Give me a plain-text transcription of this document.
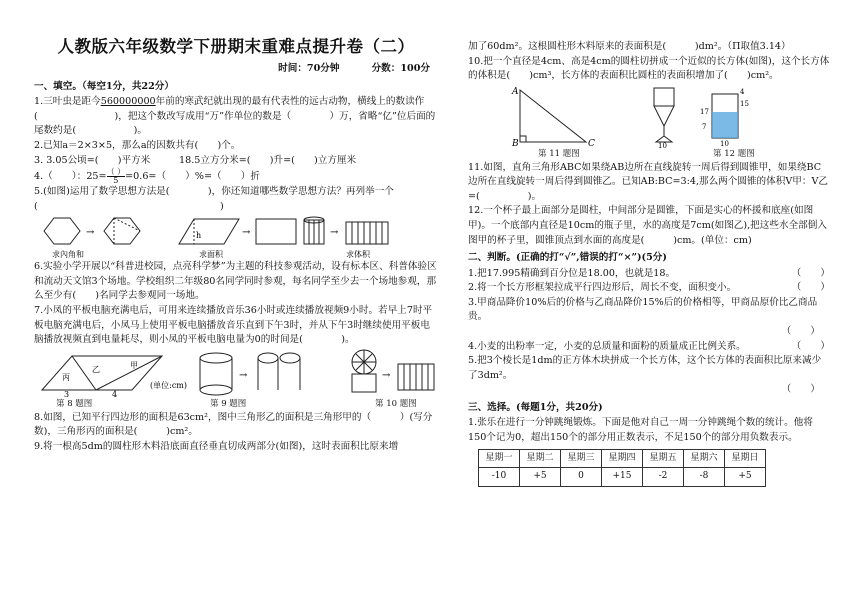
人教版六年级数学下册期末重难点提升卷（二）
时间：70分钟　　　	分数：100分
一、填空。（每空1分，共22分）

1.三叶虫是距今560000000年前的寒武纪就出现的最有代表性的远古动物，横线上的数读作(　　　　　　　　)，把这个数改写成用“万”作单位的数是（　　　　）万，省略“亿”位后面的尾数约是(　　　　　　)。

2.已知a＝2×3×5，那么a的因数共有(　　)个。

3. 3.05公顷=(　　)平方米　　　18.5立方分米=(　　)升=(　　)立方厘米

4.（　　）：25= （ ）
5 =0.6=（　　）%=（　　）折

5.(如图)运用了数学思想方法是(　　　　)，你还知道哪些数学思想方法？再列举一个(　　　　　　　　　　　　　　　　　　　)

→	h	→	→
求內角和	求面积	求体积

6.实验小学开展以“科普进校园，点亮科学梦”为主题的科技参观活动，设有标本区、科普体验区和流动天文馆3个场地。学校组织二年级80名同学同时参观，每名同学至少去一个场地参观，那么至少有(　　)名同学去参观同一场地。

7.小凤的平板电脑充满电后，可用来连续播放音乐36小时或连续播放视频9小时。若早上7时平板电脑充满电后，小凤马上使用平板电脑播放音乐直到下午3时，并从下午3时继续使用平板电脑播放视频直到电量耗尽，则小凤的平板电脑电量为0的时间是(　　　　)。

丙
乙	甲
3	4
(单位:cm)
→	→
第 8 题图	第 9 题图	第 10 题图

8.如图，已知平行四边形的面积是63cm²，图中三角形乙的面积是三角形甲的（　　　）(写分数)，三角形丙的面积是(　　　)cm²。

9.将一根高5dm的圆柱形木料沿底面直径垂直切成两部分(如图)，这时表面积比原来增

加了60dm²。这根圆柱形木料原来的表面积是(　　　)dm²。（Π取值3.14）

10.把一个直径是4cm、高是4cm的圆柱切拼成一个近似的长方体(如图)，这个长方体的体积是(　　)cm³，长方体的表面积比圆柱的表面积增加了(　　)cm²。

A
B	C	10
7
17
15
4
10
第 11 题图	第 12 题图

11.如图，直角三角形ABC如果绕AB边所在直线旋转一周后得到圆锥甲，如果绕BC边所在直线旋转一周后得到圆锥乙。已知AB:BC=3:4,那么两个圆锥的体积V甲：V乙=(　　　　　)。

12.一个杯子最上面部分是圆柱，中间部分是圆锥，下面是实心的杯援和底座(如图甲)。一个底部内直径是10cm的瓶子里，水的高度是7cm(如图乙),把这些水全部倒入图甲的杯子里，圆锥顶点到水面的高度是(　　　)cm。(单位：cm)

二、判断。(正确的打“√”,错误的打“×”)(5分)

1.把17.995精确到百分位是18.00，也就是18。	（　　）

2.将一个长方形框架拉成平行四边形后，周长不变，面积变小。	（　　）

3.甲商品降价10%后的价格与乙商品降价15%后的价格相等，甲商品原价比乙商品贵。

（　　）

4.小麦的出粉率一定，小麦的总质量和面粉的质量成正比例关系。	（　　）

5.把3个棱长是1dm的正方体木块拼成一个长方体，这个长方体的表面积比原来减少了3dm²。

（　　）

三、选择。(每题1分，共20分)

1.张乐在进行一分钟跳绳锻炼。下面是他对自己一周一分钟跳绳个数的统计。他将150个记为0，超出150个的部分用正数表示，不足150个的部分用负数表示。

星期一	星期二	星期三	星期四	星期五	星期六	星期日
-10	+5	0	+15	-2	-8	+5
